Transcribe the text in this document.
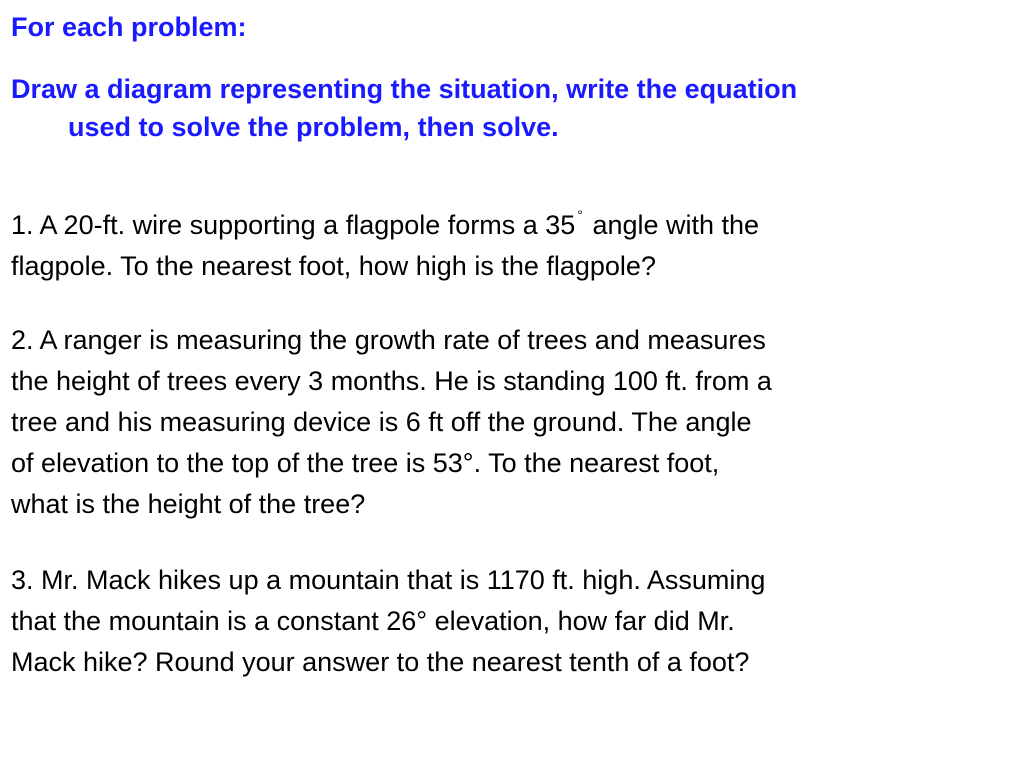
For each problem:
Draw a diagram representing the situation, write the equation
used to solve the problem, then solve.
1. A 20-ft. wire supporting a flagpole forms a 35 ° angle with the
flagpole. To the nearest foot, how high is the flagpole?
2. A ranger is measuring the growth rate of trees and measures
the height of trees every 3 months. He is standing 100 ft. from a
tree and his measuring device is 6 ft off the ground. The angle
of elevation to the top of the tree is 53°. To the nearest foot,
what is the height of the tree?
3. Mr. Mack hikes up a mountain that is 1170 ft. high. Assuming
that the mountain is a constant 26° elevation, how far did Mr.
Mack hike? Round your answer to the nearest tenth of a foot?
